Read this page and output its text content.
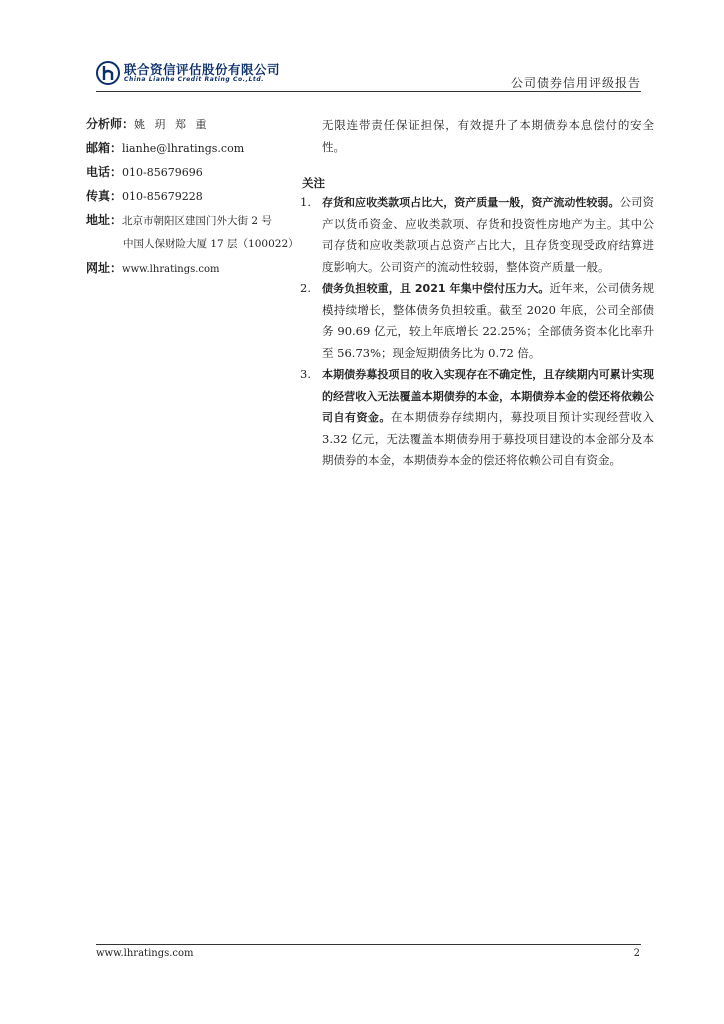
联合资信评估股份有限公司
China Lianhe Credit Rating Co.,Ltd.	公司债券信用评级报告
分析师：姚 玥 郑 重
邮箱：lianhe@lhratings.com
电话：010-85679696
传真：010-85679228
地址：北京市朝阳区建国门外大街 2 号
中国人保财险大厦 17 层（100022）
网址：www.lhratings.com

无限连带责任保证担保，有效提升了本期债券本息偿付的安全性。

关注
1. 存货和应收类款项占比大，资产质量一般，资产流动性较弱。公司资产以货币资金、应收类款项、存货和投资性房地产为主。其中公司存货和应收类款项占总资产占比大，且存货变现受政府结算进度影响大。公司资产的流动性较弱，整体资产质量一般。
2. 债务负担较重，且 2021 年集中偿付压力大。近年来，公司债务规模持续增长，整体债务负担较重。截至 2020 年底，公司全部债务 90.69 亿元，较上年底增长 22.25%；全部债务资本化比率升至 56.73%；现金短期债务比为 0.72 倍。
3. 本期债券募投项目的收入实现存在不确定性，且存续期内可累计实现的经营收入无法覆盖本期债券的本金，本期债券本金的偿还将依赖公司自有资金。在本期债券存续期内，募投项目预计实现经营收入 3.32 亿元，无法覆盖本期债券用于募投项目建设的本金部分及本期债券的本金，本期债券本金的偿还将依赖公司自有资金。
www.lhratings.com	2
